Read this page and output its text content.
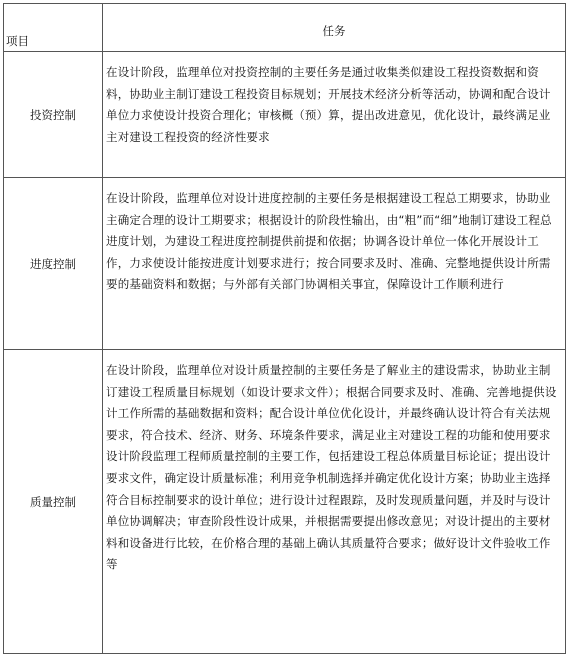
项目	任务
投资控制	在设计阶段，监理单位对投资控制的主要任务是通过收集类似建设工程投资数据和资料，协助业主制订建设工程投资目标规划；开展技术经济分析等活动，协调和配合设计单位力求使设计投资合理化；审核概（预）算，提出改进意见，优化设计，最终满足业主对建设工程投资的经济性要求

进度控制	在设计阶段，监理单位对设计进度控制的主要任务是根据建设工程总工期要求，协助业主确定合理的设计工期要求；根据设计的阶段性输出，由“粗”而“细”地制订建设工程总进度计划，为建设工程进度控制提供前提和依据；协调各设计单位一体化开展设计工作，力求使设计能按进度计划要求进行；按合同要求及时、准确、完整地提供设计所需要的基础资料和数据；与外部有关部门协调相关事宜，保障设计工作顺利进行

质量控制	在设计阶段，监理单位对设计质量控制的主要任务是了解业主的建设需求，协助业主制订建设工程质量目标规划（如设计要求文件）；根据合同要求及时、准确、完善地提供设计工作所需的基础数据和资料；配合设计单位优化设计，并最终确认设计符合有关法规要求，符合技术、经济、财务、环境条件要求，满足业主对建设工程的功能和使用要求
设计阶段监理工程师质量控制的主要工作，包括建设工程总体质量目标论证；提出设计要求文件，确定设计质量标准；利用竞争机制选择并确定优化设计方案；协助业主选择符合目标控制要求的设计单位；进行设计过程跟踪，及时发现质量问题，并及时与设计单位协调解决；审查阶段性设计成果，并根据需要提出修改意见；对设计提出的主要材料和设备进行比较，在价格合理的基础上确认其质量符合要求；做好设计文件验收工作等
